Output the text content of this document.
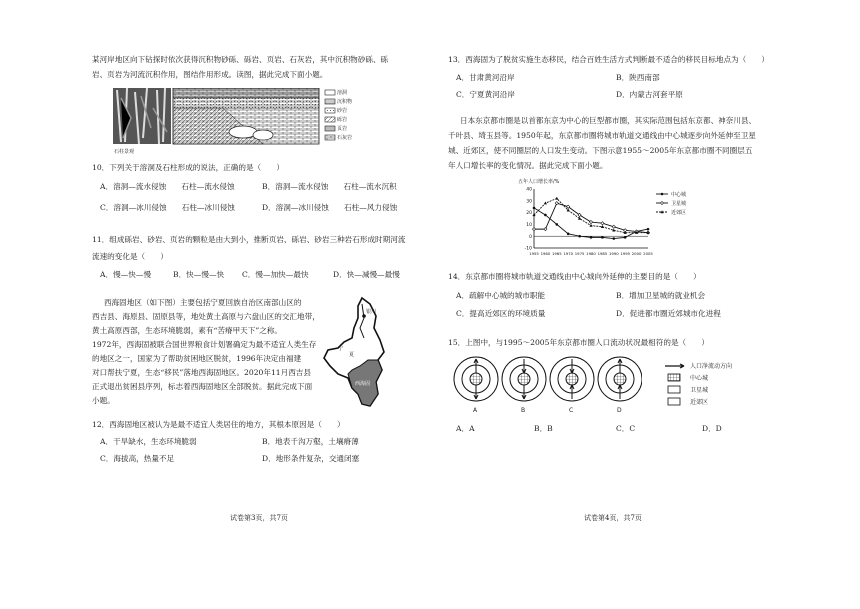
某河岸地区向下钻探时依次获得沉积物砂砾、砾岩、页岩、石灰岩，其中沉积物砂砾、砾
岩、页岩为河流沉积作用，图结作用形成。读图，据此完成下面小题。
石柱景观
溶洞
沉积物
砂岩
砾岩
页岩
石灰岩
10．下列关于溶洞及石柱形成的说法，正确的是（　　）
A．溶洞—流水侵蚀　　石柱—流水侵蚀	B．溶洞—流水侵蚀　　石柱—流水沉积
C．溶洞—冰川侵蚀　　石柱—冰川侵蚀	D．溶洞—冰川侵蚀　　石柱—风力侵蚀
11．组成砾岩、砂岩、页岩的颗粒是由大到小，推断页岩、砾岩、砂岩三种岩石形成时期河流
流速的变化是（　　）
A．慢—快—慢	B．快—慢—快 C．慢—加快—最快	D．快—减慢—最慢
西海固地区（如下图）主要包括宁夏回族自治区南部山区的
西吉县、海原县、固原县等，地处黄土高原与六盘山区的交汇地带，
黄土高原西部，生态环境脆弱，素有“苦瘠甲天下”之称。
1972年，西海固被联合国世界粮食计划署确定为最不适宜人类生存
的地区之一，国家为了帮助贫困地区脱贫，1996年决定由福建
对口帮扶宁夏，生态“移民”落地西海固地区。2020年11月西吉县
正式退出贫困县序列，标志着西海固地区全部脱贫。据此完成下面
小题。
银川
宁
夏
西海固
12．西海固地区被认为是最不适宜人类居住的地方，其根本原因是（　　）
A．干旱缺水，生态环境脆弱	B．地表千沟万壑，土壤瘠薄
C．海拔高，热量不足	D．地形条件复杂，交通闭塞
试卷第3页，共7页
13．西海固为了脱贫实施生态移民，结合百姓生活方式判断最不适合的移民目标地点为（　　）
A．甘肃黄河沿岸	B．陕西南部
C．宁夏黄河沿岸	D．内蒙古河套平原
日本东京都市圈是以首都东京为中心的巨型都市圈，其实际范围包括东京都、神奈川县、
千叶县、埼玉县等。1950年起，东京都市圈将城市轨道交通线由中心城逐步向外延伸至卫星
城、近郊区，使不同圈层的人口发生变动。下图示意1955～2005年东京都市圈不同圈层五
年人口增长率的变化情况。据此完成下面小题。
五年人口增长率/%
-10
0
10
20
30
40
1955 1960 1965 1970 1975 1980 1985 1990 1995 2000 2005
中心城
卫星城
近郊区
14．东京都市圈将城市轨道交通线由中心城向外延伸的主要目的是（　　）
A．疏解中心城的城市职能	B．增加卫星城的就业机会
C．提高近郊区的环境质量	D．促进都市圈近郊城市化进程
15．上图中，与1995～2005年东京都市圈人口流动状况最相符的是（　　）
A	B	C	D
人口净流动方向
中心城
卫星城
近郊区
A．A	B．B	C．C	D．D
试卷第4页，共7页
